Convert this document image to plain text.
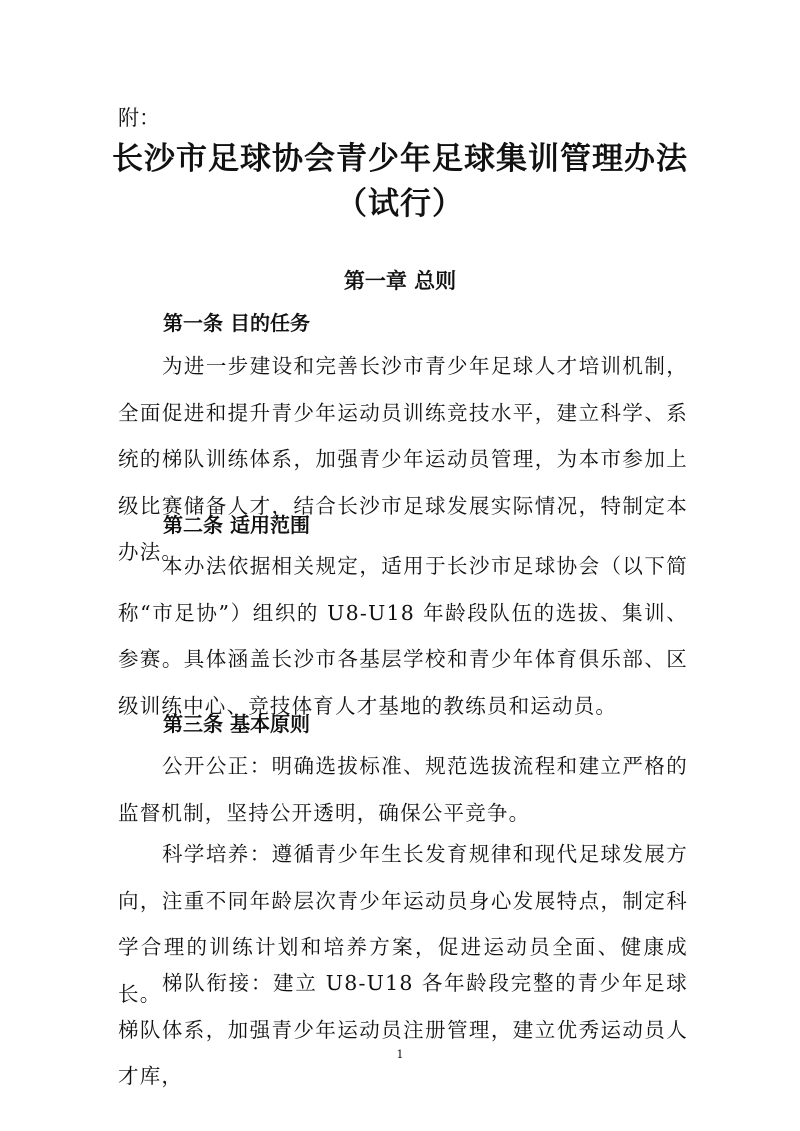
附：
长沙市足球协会青少年足球集训管理办法
（试行）
第一章 总则
第一条 目的任务

为进一步建设和完善长沙市青少年足球人才培训机制，全面促进和提升青少年运动员训练竞技水平，建立科学、系统的梯队训练体系，加强青少年运动员管理，为本市参加上级比赛储备人才，结合长沙市足球发展实际情况，特制定本办法。

第二条 适用范围

本办法依据相关规定，适用于长沙市足球协会（以下简称“市足协”）组织的 U8-U18 年龄段队伍的选拔、集训、参赛。具体涵盖长沙市各基层学校和青少年体育俱乐部、区级训练中心、竞技体育人才基地的教练员和运动员。

第三条 基本原则

公开公正：明确选拔标准、规范选拔流程和建立严格的监督机制，坚持公开透明，确保公平竞争。

科学培养：遵循青少年生长发育规律和现代足球发展方向，注重不同年龄层次青少年运动员身心发展特点，制定科学合理的训练计划和培养方案，促进运动员全面、健康成长。 梯队衔接：建立 U8-U18 各年龄段完整的青少年足球梯队体系，加强青少年运动员注册管理，建立优秀运动员人才库，

1
